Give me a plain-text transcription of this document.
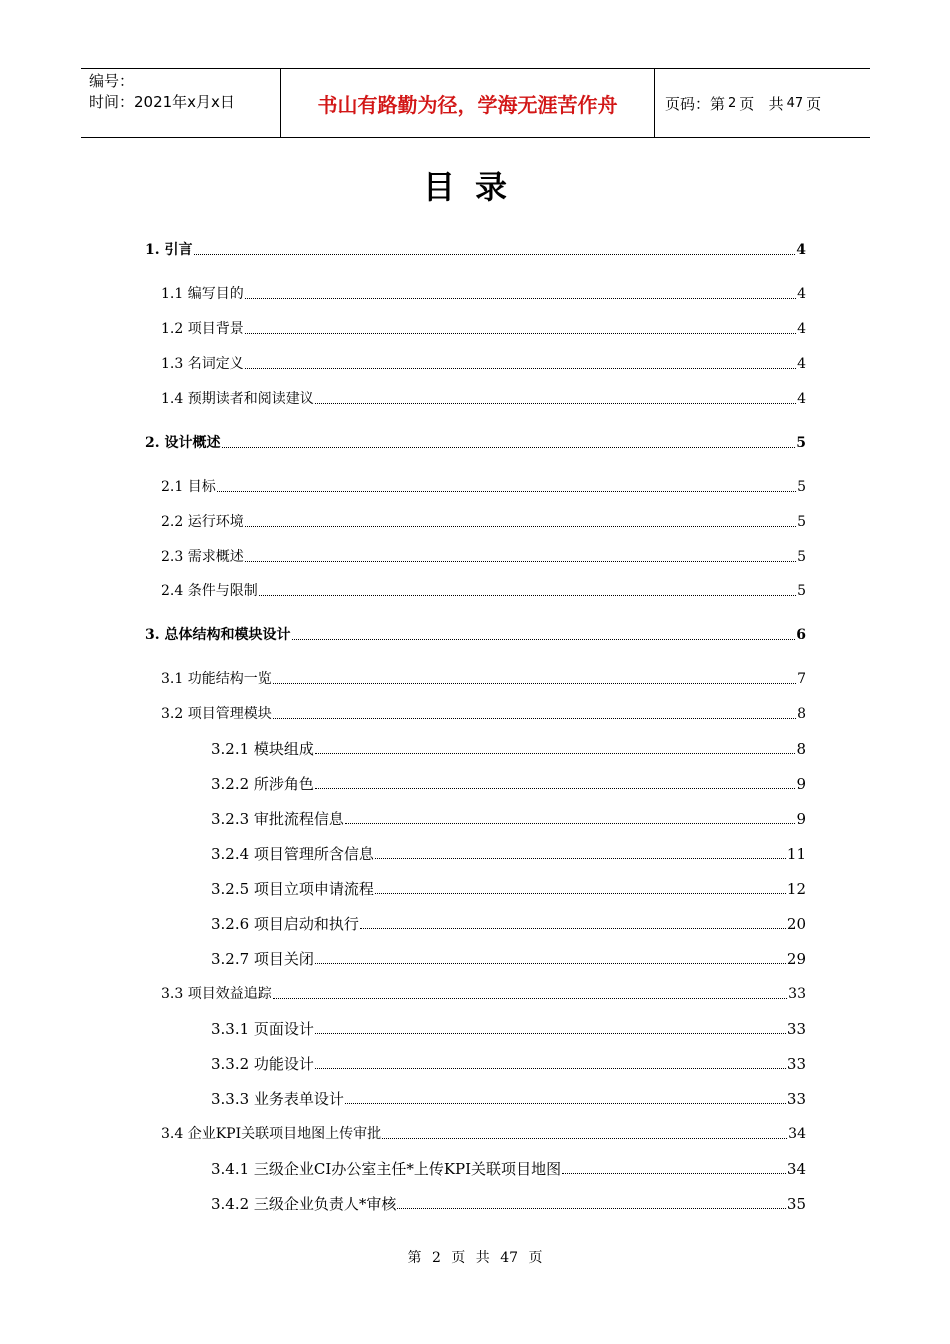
编号：
时间：2021年x月x日	书山有路勤为径，学海无涯苦作舟	页码：第 2 页   共 47 页
目录
1. 引言	4
1.1 编写目的	4
1.2 项目背景	4
1.3 名词定义	4
1.4 预期读者和阅读建议	4
2. 设计概述	5
2.1 目标	5
2.2 运行环境	5
2.3 需求概述	5
2.4 条件与限制	5
3. 总体结构和模块设计	6
3.1 功能结构一览	7
3.2 项目管理模块	8
3.2.1 模块组成	8
3.2.2 所涉角色	9
3.2.3 审批流程信息	9
3.2.4 项目管理所含信息	11
3.2.5 项目立项申请流程	12
3.2.6 项目启动和执行	20
3.2.7 项目关闭	29
3.3 项目效益追踪	33
3.3.1 页面设计	33
3.3.2 功能设计	33
3.3.3 业务表单设计	33
3.4 企业KPI关联项目地图上传审批	34
3.4.1 三级企业CI办公室主任*上传KPI关联项目地图	34
3.4.2 三级企业负责人*审核	35
第 2 页 共 47 页
